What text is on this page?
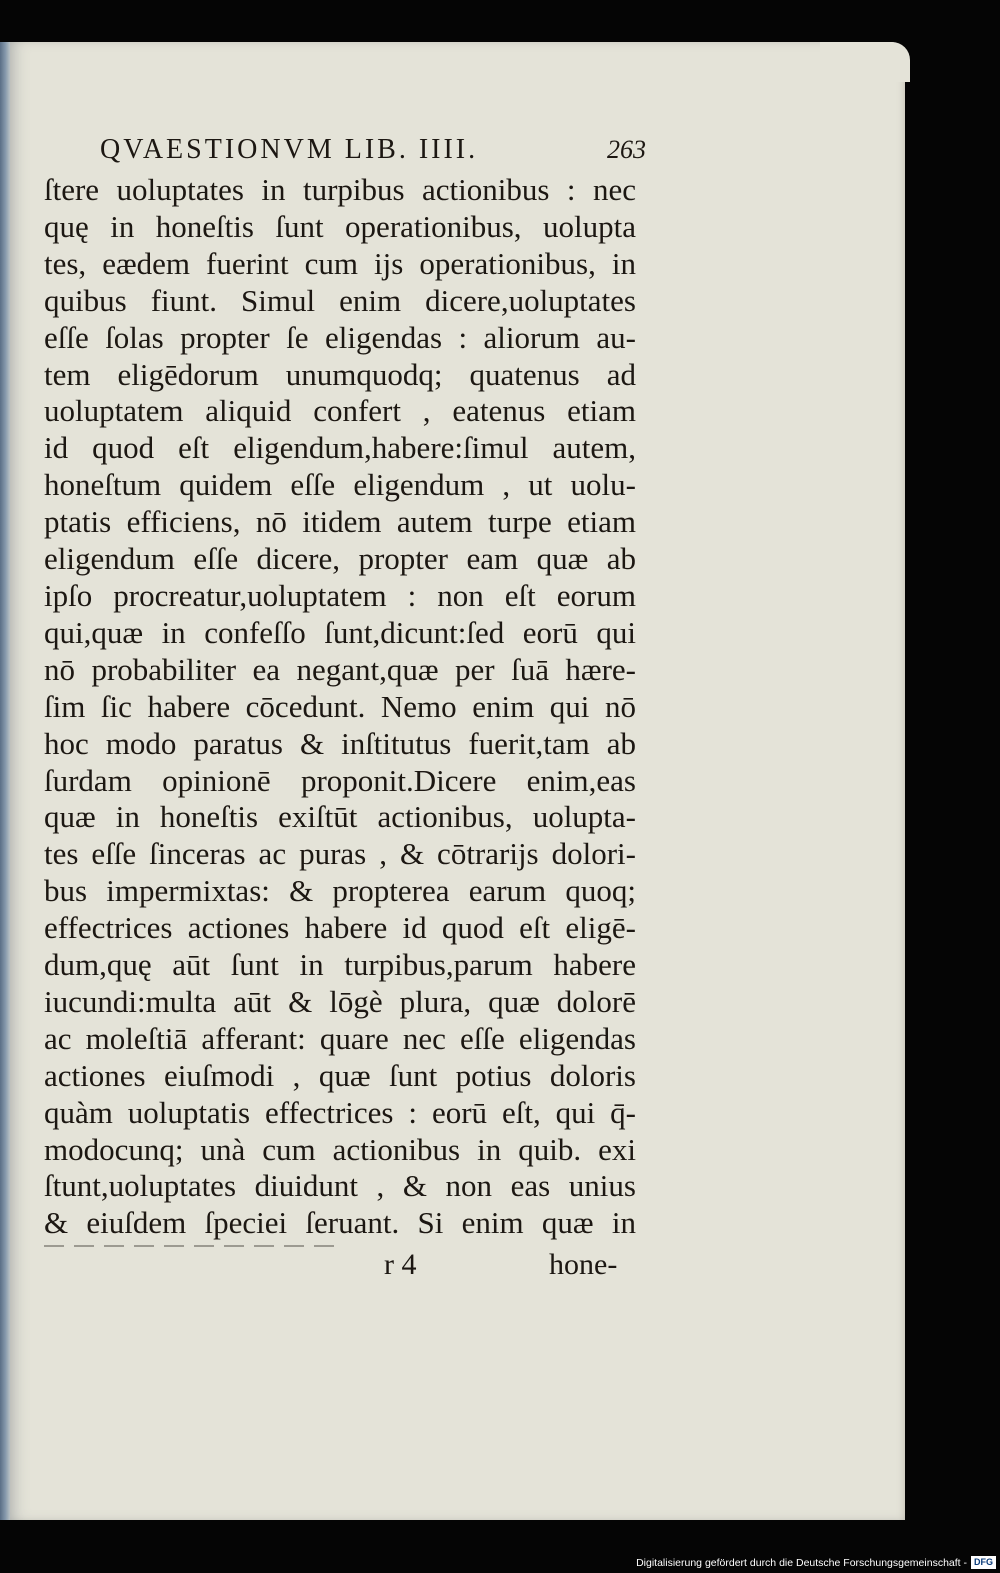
QVAESTIONVM LIB. IIII.	263
ſtere uoluptates in turpibus actionibus : nec
quę in honeſtis ſunt operationibus, uolupta
tes, eædem fuerint cum ijs operationibus, in
quibus fiunt. Simul enim dicere,uoluptates
eſſe ſolas propter ſe eligendas : aliorum au-
tem eligēdorum unumquodq; quatenus ad
uoluptatem aliquid confert , eatenus etiam
id quod eſt eligendum,habere:ſimul autem,
honeſtum quidem eſſe eligendum , ut uolu-
ptatis efficiens, nō itidem autem turpe etiam
eligendum eſſe dicere, propter eam quæ ab
ipſo procreatur,uoluptatem : non eſt eorum
qui,quæ in confeſſo ſunt,dicunt:ſed eorū qui
nō probabiliter ea negant,quæ per ſuā hære-
ſim ſic habere cōcedunt. Nemo enim qui nō
hoc modo paratus & inſtitutus fuerit,tam ab
ſurdam opinionē proponit.Dicere enim,eas
quæ in honeſtis exiſtūt actionibus, uolupta-
tes eſſe ſinceras ac puras , & cōtrarijs dolori-
bus impermixtas: & propterea earum quoq;
effectrices actiones habere id quod eſt eligē-
dum,quę aūt ſunt in turpibus,parum habere
iucundi:multa aūt & lōgè plura, quæ dolorē
ac moleſtiā afferant: quare nec eſſe eligendas
actiones eiuſmodi , quæ ſunt potius doloris
quàm uoluptatis effectrices : eorū eſt, qui q̄-
modocunq; unà cum actionibus in quib. exi
ſtunt,uoluptates diuidunt , & non eas unius
& eiuſdem ſpeciei ſeruant. Si enim quæ in
r 4	hone-
Digitalisierung gefördert durch die Deutsche Forschungsgemeinschaft - DFG
